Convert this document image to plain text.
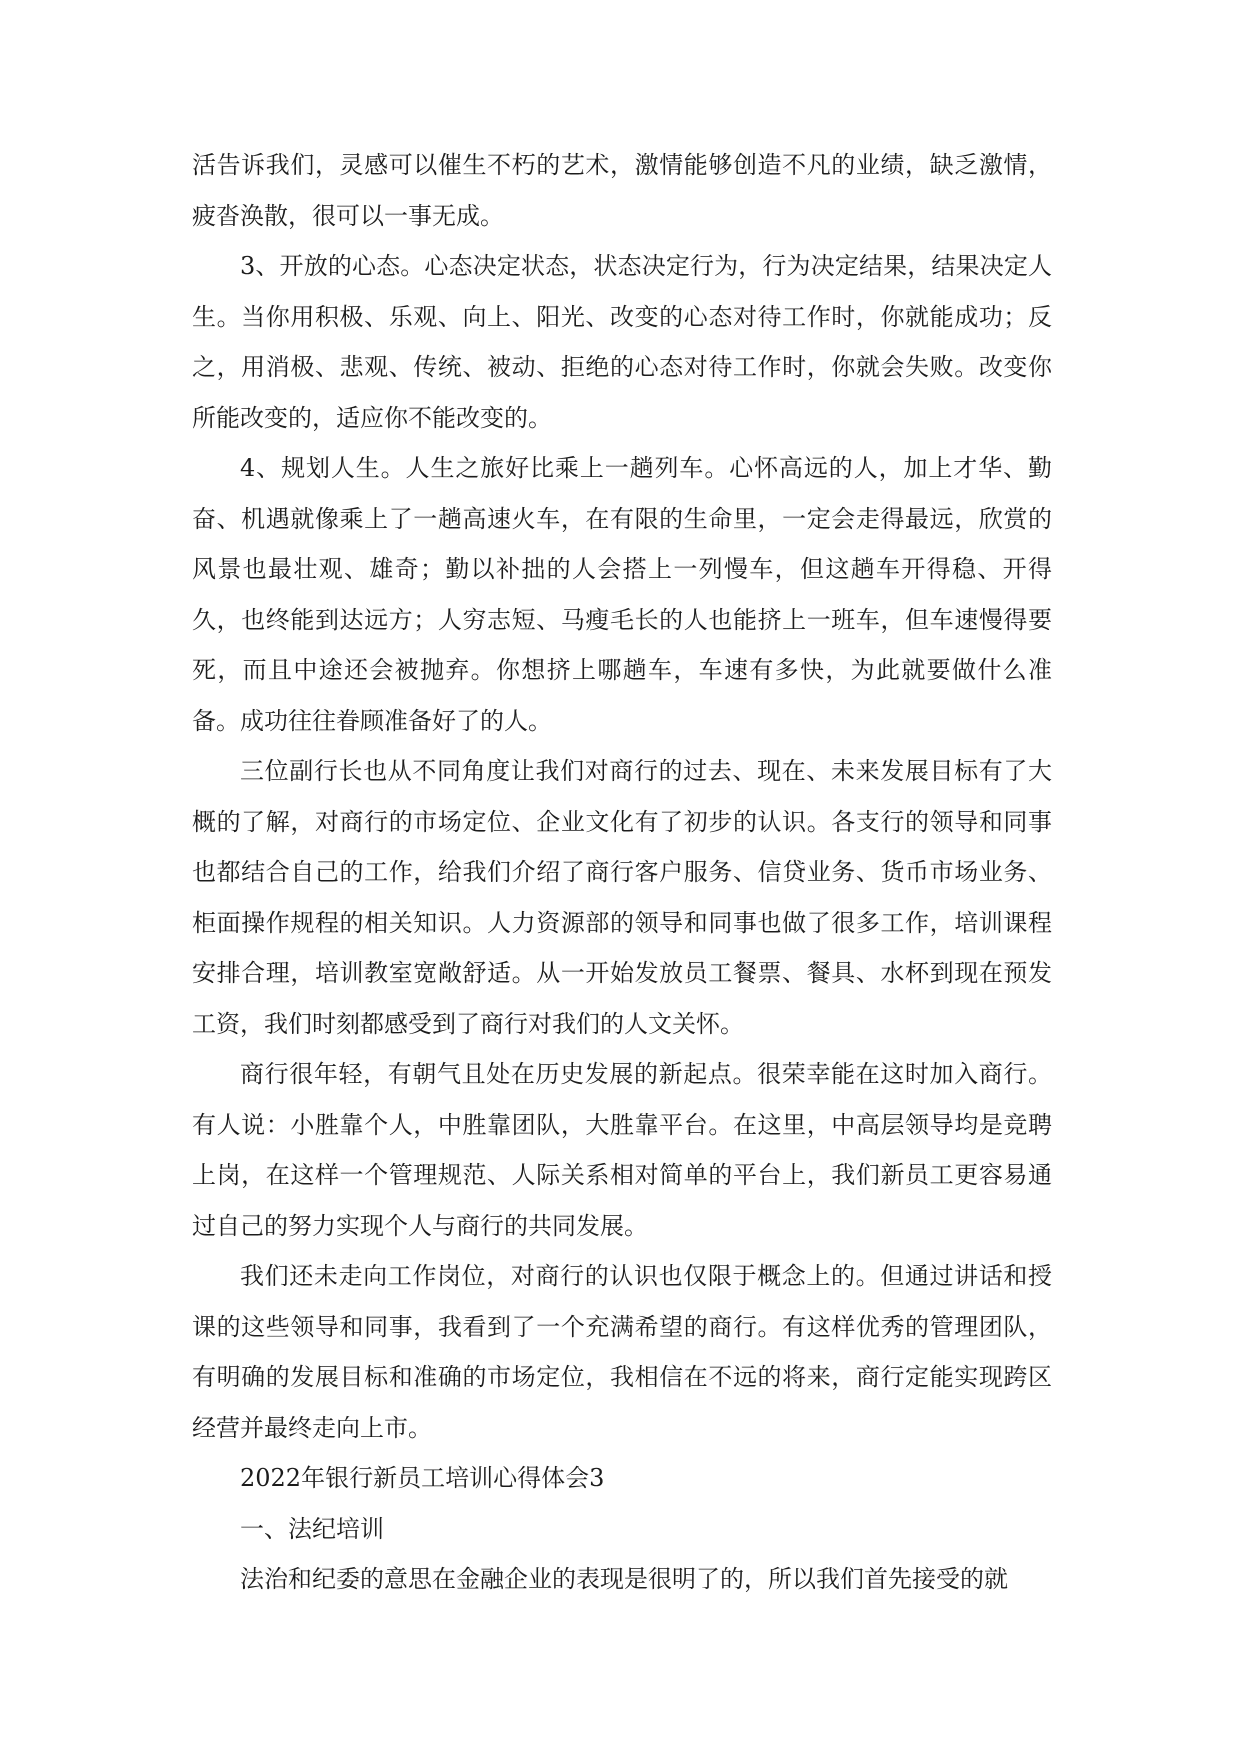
活告诉我们，灵感可以催生不朽的艺术，激情能够创造不凡的业绩，缺乏激情，疲沓涣散，很可以一事无成。

3、开放的心态。心态决定状态，状态决定行为，行为决定结果，结果决定人生。当你用积极、乐观、向上、阳光、改变的心态对待工作时，你就能成功；反之，用消极、悲观、传统、被动、拒绝的心态对待工作时，你就会失败。改变你所能改变的，适应你不能改变的。

4、规划人生。人生之旅好比乘上一趟列车。心怀高远的人，加上才华、勤奋、机遇就像乘上了一趟高速火车，在有限的生命里，一定会走得最远，欣赏的风景也最壮观、雄奇；勤以补拙的人会搭上一列慢车，但这趟车开得稳、开得久，也终能到达远方；人穷志短、马瘦毛长的人也能挤上一班车，但车速慢得要死，而且中途还会被抛弃。你想挤上哪趟车，车速有多快，为此就要做什么准备。成功往往眷顾准备好了的人。

三位副行长也从不同角度让我们对商行的过去、现在、未来发展目标有了大概的了解，对商行的市场定位、企业文化有了初步的认识。各支行的领导和同事也都结合自己的工作，给我们介绍了商行客户服务、信贷业务、货币市场业务、柜面操作规程的相关知识。人力资源部的领导和同事也做了很多工作，培训课程安排合理，培训教室宽敞舒适。从一开始发放员工餐票、餐具、水杯到现在预发工资，我们时刻都感受到了商行对我们的人文关怀。

商行很年轻，有朝气且处在历史发展的新起点。很荣幸能在这时加入商行。有人说：小胜靠个人，中胜靠团队，大胜靠平台。在这里，中高层领导均是竞聘上岗，在这样一个管理规范、人际关系相对简单的平台上，我们新员工更容易通过自己的努力实现个人与商行的共同发展。

我们还未走向工作岗位，对商行的认识也仅限于概念上的。但通过讲话和授课的这些领导和同事，我看到了一个充满希望的商行。有这样优秀的管理团队，有明确的发展目标和准确的市场定位，我相信在不远的将来，商行定能实现跨区经营并最终走向上市。

2022年银行新员工培训心得体会3

一、法纪培训

法治和纪委的意思在金融企业的表现是很明了的，所以我们首先接受的就
